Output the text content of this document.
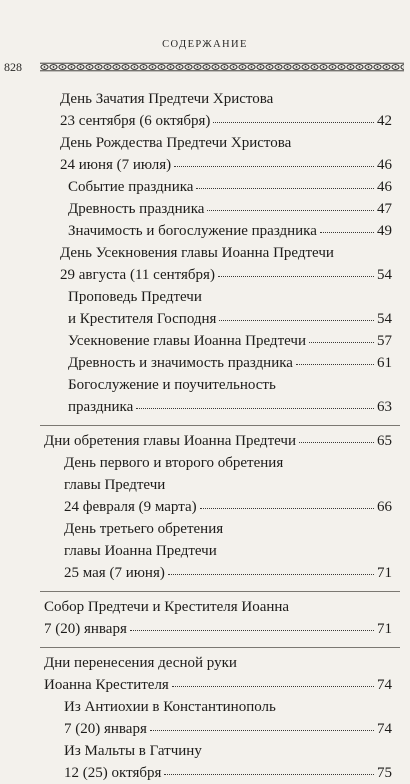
СОДЕРЖАНИЕ
828
День Зачатия Предтечи Христова
23 сентября (6 октября)	42
День Рождества Предтечи Христова
24 июня (7 июля)	46
Событие праздника	46
Древность праздника	47
Значимость и богослужение праздника	49
День Усекновения главы Иоанна Предтечи
29 августа (11 сентября)	54
Проповедь Предтечи
и Крестителя Господня	54
Усекновение главы Иоанна Предтечи	57
Древность и значимость праздника	61
Богослужение и поучительность
праздника	63
Дни обретения главы Иоанна Предтечи	65
День первого и второго обретения
главы Предтечи
24 февраля (9 марта)	66
День третьего обретения
главы Иоанна Предтечи
25 мая (7 июня)	71
Собор Предтечи и Крестителя Иоанна
7 (20) января	71
Дни перенесения десной руки
Иоанна Крестителя	74
Из Антиохии в Константинополь
7 (20) января	74
Из Мальты в Гатчину
12 (25) октября	75
